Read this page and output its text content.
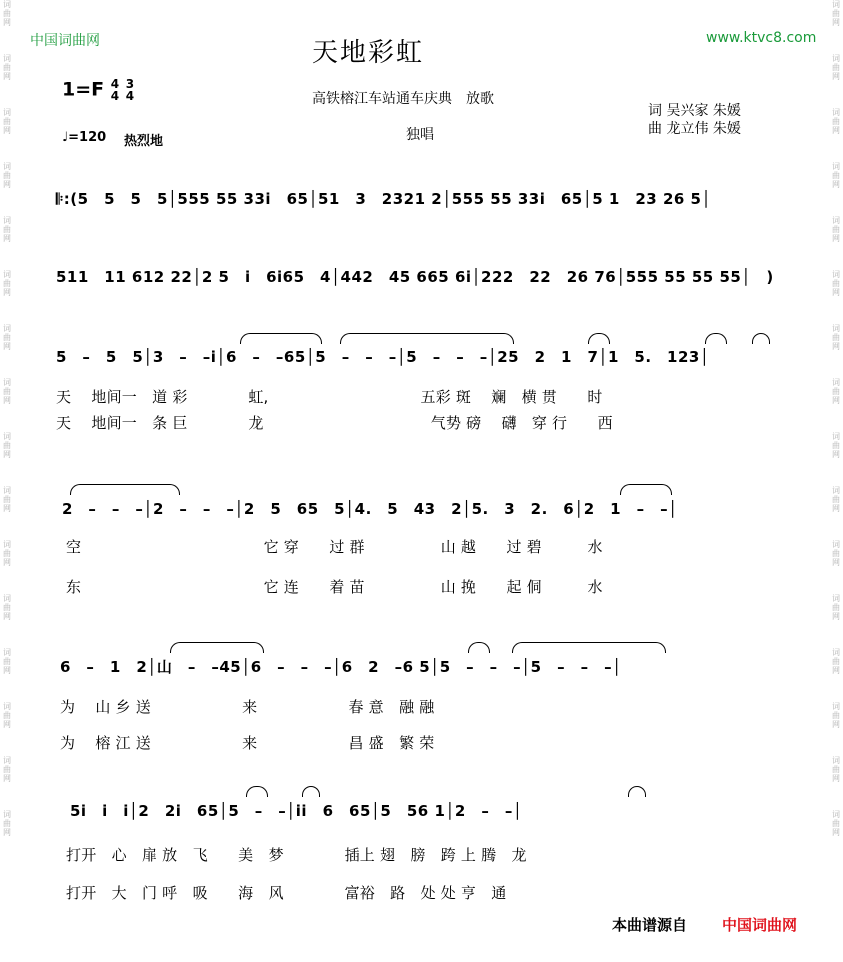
词
曲
网

词
曲
网

词
曲
网

词
曲
网

词
曲
网

词
曲
网

词
曲
网

词
曲
网

词
曲
网

词
曲
网

词
曲
网

词
曲
网

词
曲
网

词
曲
网

词
曲
网

词
曲
网
词
曲
网

词
曲
网

词
曲
网

词
曲
网

词
曲
网

词
曲
网

词
曲
网

词
曲
网

词
曲
网

词
曲
网

词
曲
网

词
曲
网

词
曲
网

词
曲
网

词
曲
网

词
曲
网
中国词曲网	www.ktvc8.com
天地彩虹
1=F 4
4 3
4	高铁榕江车站通车庆典　放歌
词 吴兴家 朱媛
曲 龙立伟 朱媛
♩=120 热烈地	独唱
𝄆:(5　5　5　5│555 55 33i　65│51　3　2321 2│555 55 33i　65│5 1　23 26 5│
511　11 612 22│2 5　i　6i65　4│442　45 665 6i│222　22　26 76│555 55 55 55│　)
5　–　5　5│3　–　–i│6　–　–65│5　–　–　–│5　–　–　–│25　2　1　7│1　5.　123│
天　 地间一　道 彩　　　　虹,　　　　　　　　　　五彩 斑　 斓　横 贯　　时
天　 地间一　条 巨　　　　龙　　　　　　　　　　　气势 磅　 礴　穿 行　　西
2　–　–　–│2　–　–　–│2　5　65　5│4.　5　43　2│5.　3　2.　6│2　1　–　–│
空　　　　　　　　　　　　它 穿　　过 群　　　　　山 越　　过 碧　　　水
东　　　　　　　　　　　　它 连　　着 苗　　　　　山 挽　　起 侗　　　水
6　–　1　2│山　–　–45│6　–　–　–│6　2　–6 5│5　–　–　–│5　–　–　–│
为　 山 乡 送　　　　　　来　　　　　　春 意　融 融
为　 榕 江 送　　　　　　来　　　　　　昌 盛　繁 荣
5i　i　i│2　2i　65│5　–　–│ii　6　65│5　56 1│2　–　–│
打开　心　扉 放　飞　　美　梦　　　　插上 翅　膀　跨 上 腾　龙
打开　大　门 呼　吸　　海　风　　　　富裕　路　处 处 亨　通
本曲谱源自 中国词曲网
